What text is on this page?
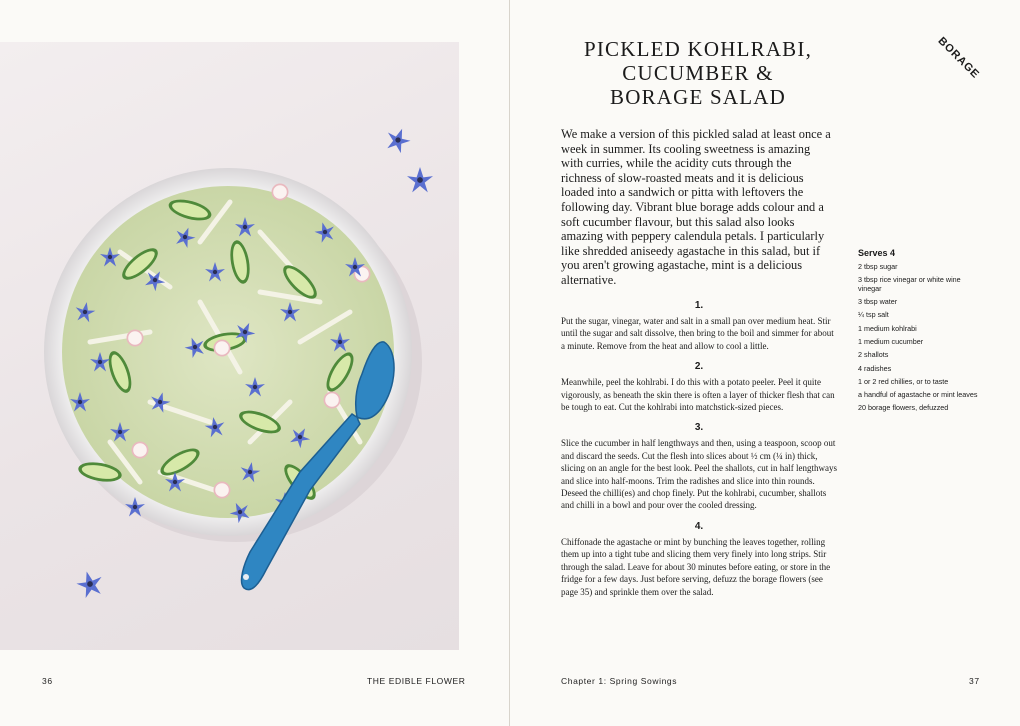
36	THE EDIBLE FLOWER
PICKLED KOHLRABI,
CUCUMBER &
BORAGE SALAD
BORAGE

We make a version of this pickled salad at least once a week in summer. Its cooling sweetness is amazing with curries, while the acidity cuts through the richness of slow-roasted meats and it is delicious loaded into a sandwich or pitta with leftovers the following day. Vibrant blue borage adds colour and a soft cucumber flavour, but this salad also looks amazing with peppery calendula petals. I particularly like shredded aniseedy agastache in this salad, but if you aren't growing agastache, mint is a delicious alternative.

1.

Put the sugar, vinegar, water and salt in a small pan over medium heat. Stir until the sugar and salt dissolve, then bring to the boil and simmer for about a minute. Remove from the heat and allow to cool a little.

2.

Meanwhile, peel the kohlrabi. I do this with a potato peeler. Peel it quite vigorously, as beneath the skin there is often a layer of thicker flesh that can be tough to eat. Cut the kohlrabi into matchstick-sized pieces.

3.

Slice the cucumber in half lengthways and then, using a teaspoon, scoop out and discard the seeds. Cut the flesh into slices about ½ cm (¼ in) thick, slicing on an angle for the best look. Peel the shallots, cut in half lengthways and slice into half-moons. Trim the radishes and slice into thin rounds. Deseed the chilli(es) and chop finely. Put the kohlrabi, cucumber, shallots and chilli in a bowl and pour over the cooled dressing.

4.

Chiffonade the agastache or mint by bunching the leaves together, rolling them up into a tight tube and slicing them very finely into long strips. Stir through the salad. Leave for about 30 minutes before eating, or store in the fridge for a few days. Just before serving, defuzz the borage flowers (see page 35) and sprinkle them over the salad.

Serves 4

2 tbsp sugar

3 tbsp rice vinegar or white wine vinegar

3 tbsp water

¼ tsp salt

1 medium kohlrabi

1 medium cucumber

2 shallots

4 radishes

1 or 2 red chillies, or to taste

a handful of agastache or mint leaves

20 borage flowers, defuzzed

Chapter 1: Spring Sowings	37
